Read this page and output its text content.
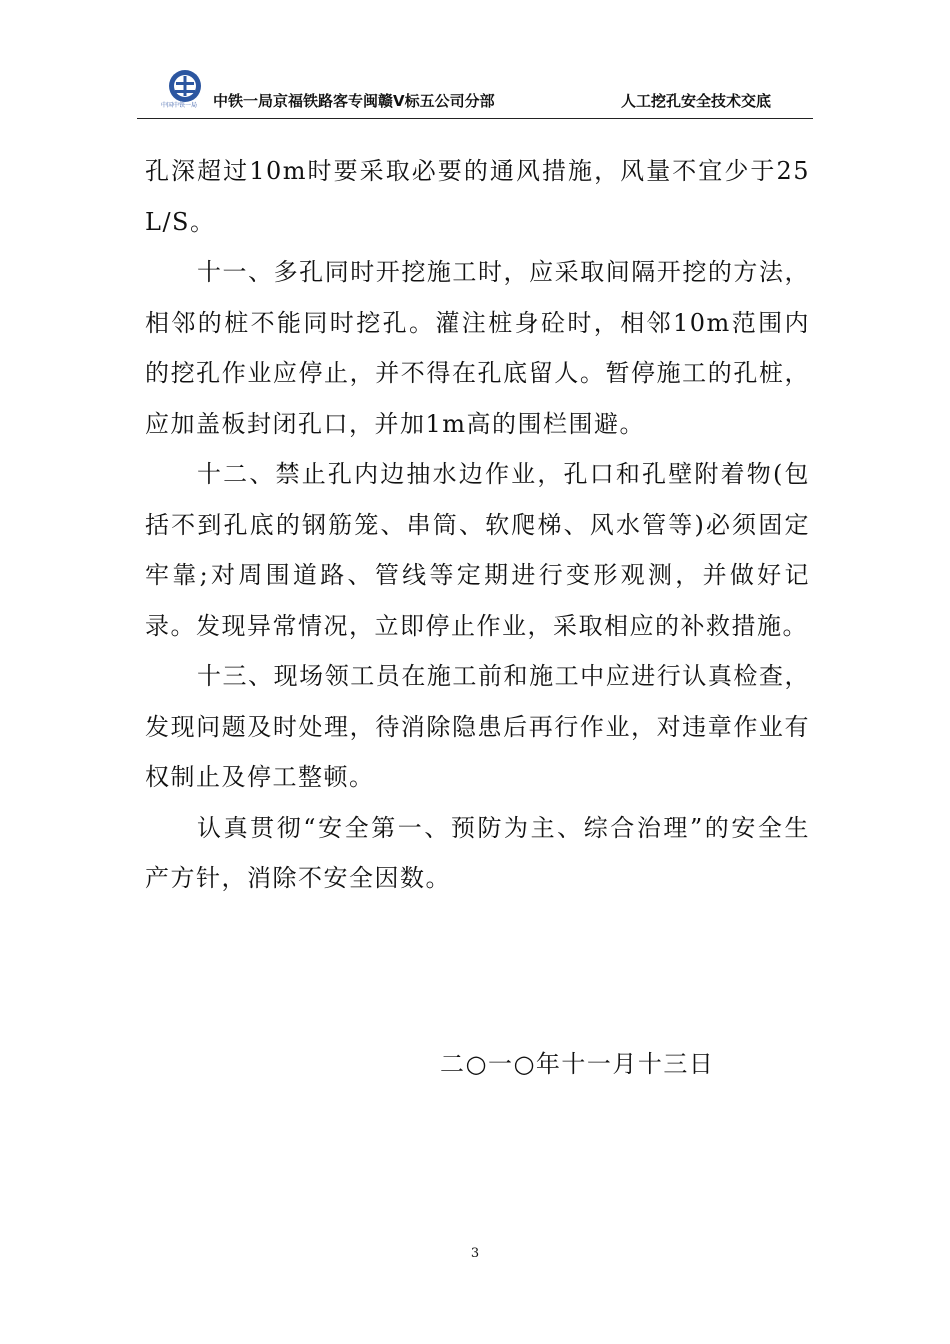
中国中铁一局	中铁一局京福铁路客专闽赣Ⅴ标五公司分部	人工挖孔安全技术交底

孔深超过10m时要采取必要的通风措施，风量不宜少于25L/S。

十一、多孔同时开挖施工时，应采取间隔开挖的方法，相邻的桩不能同时挖孔。灌注桩身砼时，相邻10m范围内的挖孔作业应停止，并不得在孔底留人。暂停施工的孔桩，应加盖板封闭孔口，并加1m高的围栏围避。

十二、禁止孔内边抽水边作业，孔口和孔壁附着物(包括不到孔底的钢筋笼、串筒、软爬梯、风水管等)必须固定牢靠;对周围道路、管线等定期进行变形观测，并做好记录。发现异常情况，立即停止作业，采取相应的补救措施。

十三、现场领工员在施工前和施工中应进行认真检查，发现问题及时处理，待消除隐患后再行作业，对违章作业有权制止及停工整顿。

认真贯彻“安全第一、预防为主、综合治理”的安全生产方针，消除不安全因数。

二○一○年十一月十三日
3
